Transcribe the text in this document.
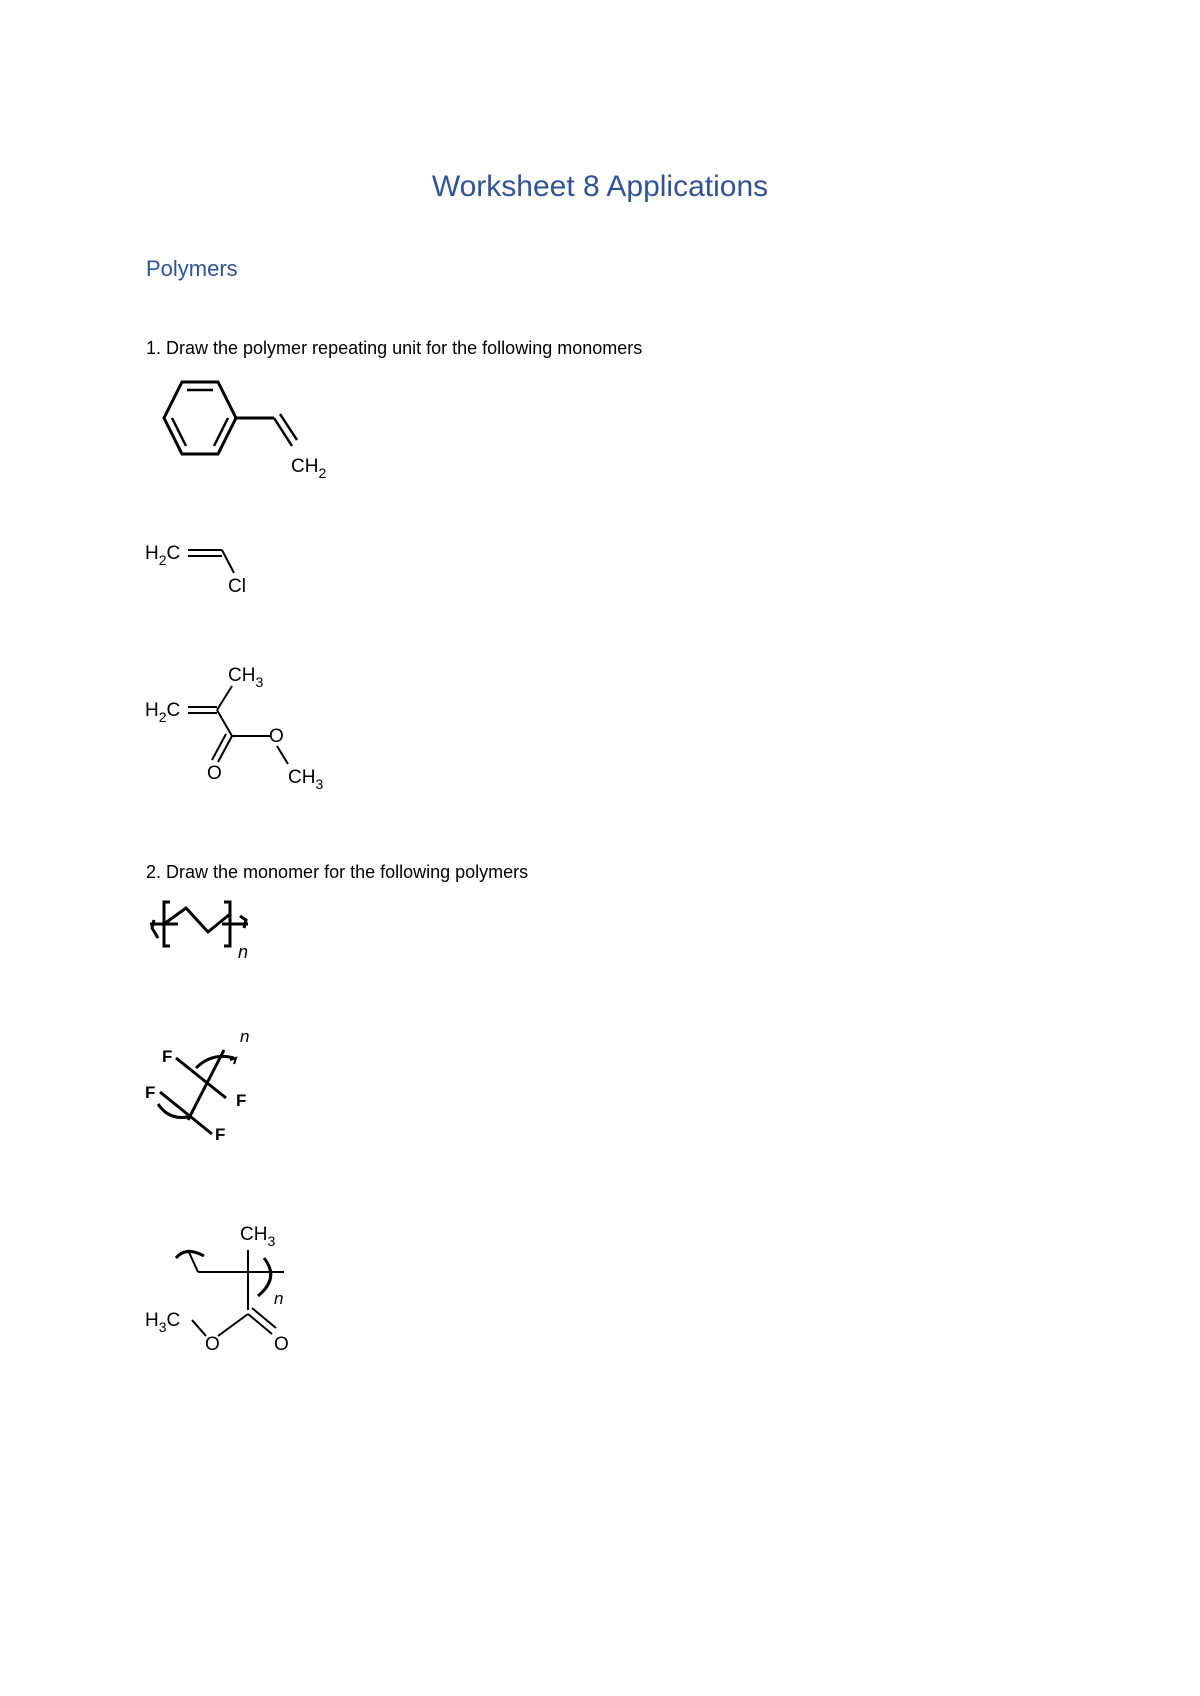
Worksheet 8 Applications
Polymers
1. Draw the polymer repeating unit for the following monomers
$CH_2$
$H_2C$
Cl
$CH_3$
$H_2C$
O
O	$CH_3$
2. Draw the monomer for the following polymers
n
n
F
F	F
F
$CH_3$
n
$H_3C$
O	O
